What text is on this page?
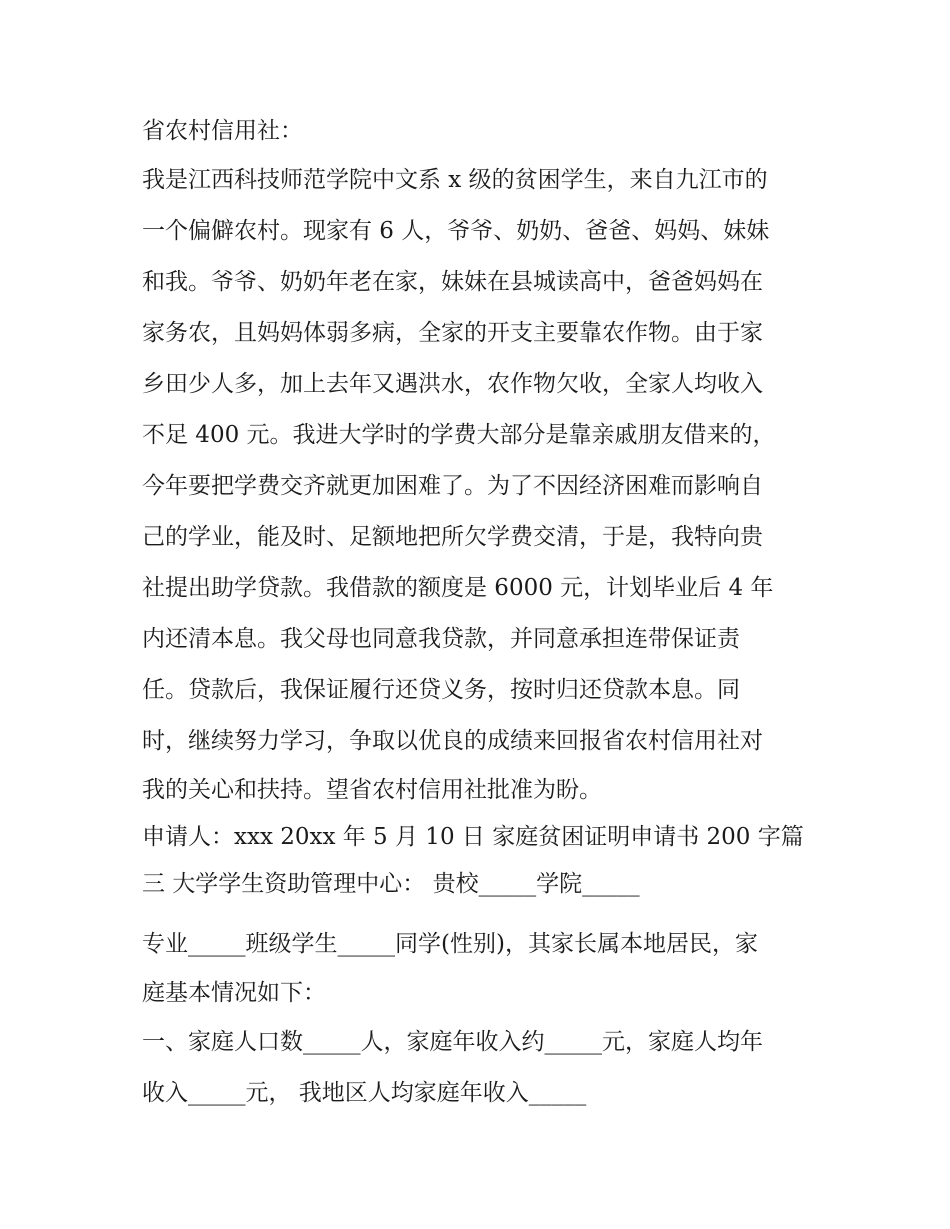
省农村信用社：
我是江西科技师范学院中文系 x 级的贫困学生，来自九江市的
一个偏僻农村。现家有 6 人，爷爷、奶奶、爸爸、妈妈、妹妹
和我。爷爷、奶奶年老在家，妹妹在县城读高中，爸爸妈妈在
家务农，且妈妈体弱多病，全家的开支主要靠农作物。由于家
乡田少人多，加上去年又遇洪水，农作物欠收，全家人均收入
不足 400 元。我进大学时的学费大部分是靠亲戚朋友借来的，
今年要把学费交齐就更加困难了。为了不因经济困难而影响自
己的学业，能及时、足额地把所欠学费交清，于是，我特向贵
社提出助学贷款。我借款的额度是 6000 元，计划毕业后 4 年
内还清本息。我父母也同意我贷款，并同意承担连带保证责
任。贷款后，我保证履行还贷义务，按时归还贷款本息。同
时，继续努力学习，争取以优良的成绩来回报省农村信用社对
我的关心和扶持。望省农村信用社批准为盼。
申请人：xxx 20xx 年 5 月 10 日 家庭贫困证明申请书 200 字篇
三 大学学生资助管理中心： 贵校_____学院_____
专业_____班级学生_____同学(性别)，其家长属本地居民，家
庭基本情况如下：
一、家庭人口数_____人，家庭年收入约_____元，家庭人均年
收入_____元， 我地区人均家庭年收入_____
